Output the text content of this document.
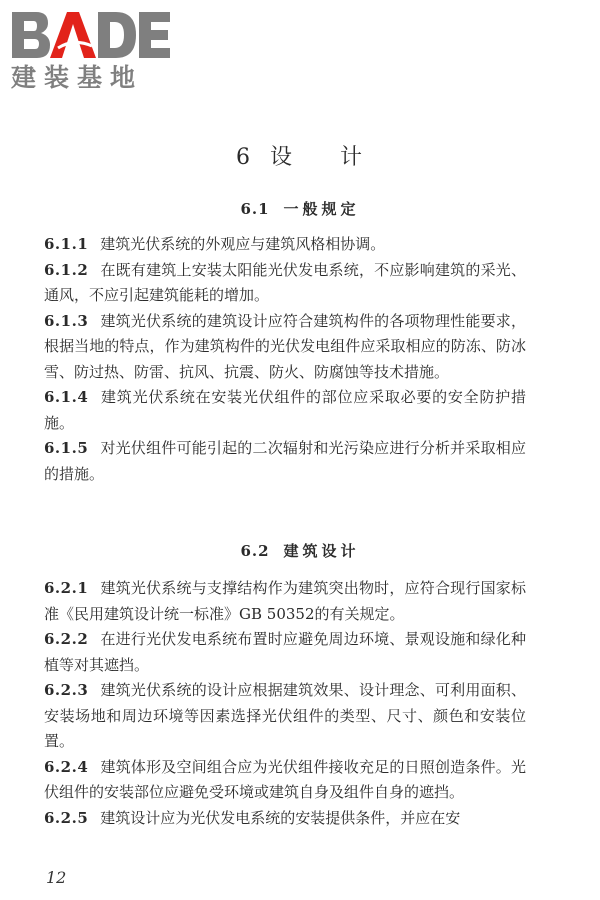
建装基地
6 设 计
6.1 一般规定

6.1.1 建筑光伏系统的外观应与建筑风格相协调。

6.1.2 在既有建筑上安装太阳能光伏发电系统，不应影响建筑的采光、通风，不应引起建筑能耗的增加。

6.1.3 建筑光伏系统的建筑设计应符合建筑构件的各项物理性能要求，根据当地的特点，作为建筑构件的光伏发电组件应采取相应的防冻、防冰雪、防过热、防雷、抗风、抗震、防火、防腐蚀等技术措施。

6.1.4 建筑光伏系统在安装光伏组件的部位应采取必要的安全防护措施。

6.1.5 对光伏组件可能引起的二次辐射和光污染应进行分析并采取相应的措施。

6.2 建筑设计

6.2.1 建筑光伏系统与支撑结构作为建筑突出物时，应符合现行国家标准《民用建筑设计统一标准》GB 50352的有关规定。

6.2.2 在进行光伏发电系统布置时应避免周边环境、景观设施和绿化种植等对其遮挡。

6.2.3 建筑光伏系统的设计应根据建筑效果、设计理念、可利用面积、安装场地和周边环境等因素选择光伏组件的类型、尺寸、颜色和安装位置。

6.2.4 建筑体形及空间组合应为光伏组件接收充足的日照创造条件。光伏组件的安装部位应避免受环境或建筑自身及组件自身的遮挡。

6.2.5 建筑设计应为光伏发电系统的安装提供条件，并应在安

12
